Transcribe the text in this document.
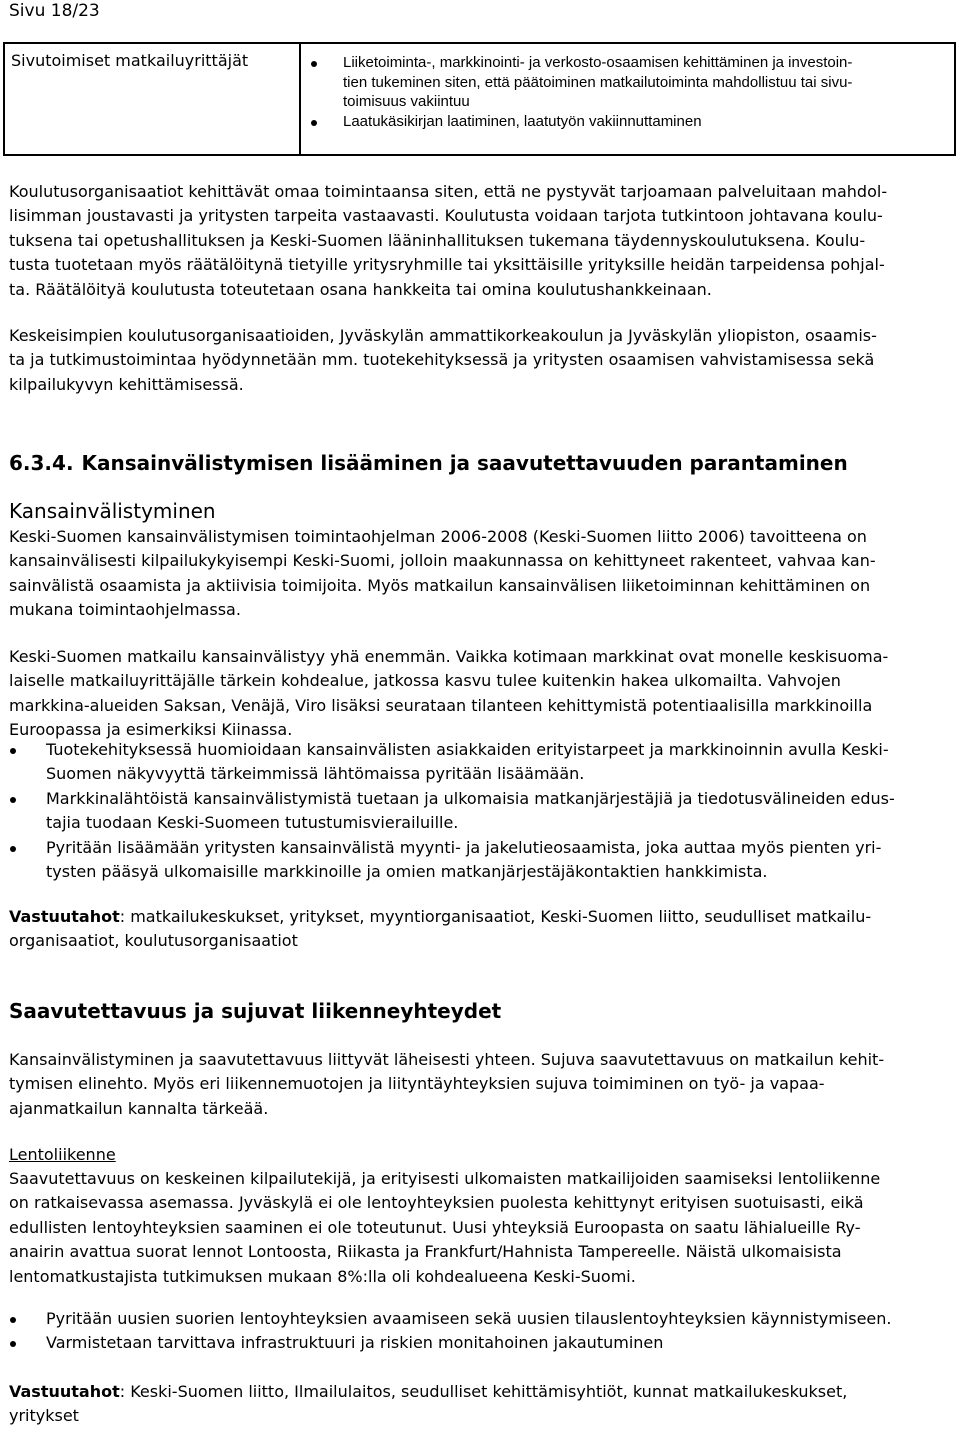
Sivu 18/23
Sivutoimiset matkailuyrittäjät	Liiketoiminta-, markkinointi- ja verkosto-osaamisen kehittäminen ja investoin-
tien tukeminen siten, että päätoiminen matkailutoiminta mahdollistuu tai sivu-
toimisuus vakiintuu
Laatukäsikirjan laatiminen, laatutyön vakiinnuttaminen
Koulutusorganisaatiot kehittävät omaa toimintaansa siten, että ne pystyvät tarjoamaan palveluitaan mahdol-
lisimman joustavasti ja yritysten tarpeita vastaavasti. Koulutusta voidaan tarjota tutkintoon johtavana koulu-
tuksena tai opetushallituksen ja Keski-Suomen lääninhallituksen tukemana täydennyskoulutuksena. Koulu-
tusta tuotetaan myös räätälöitynä tietyille yritysryhmille tai yksittäisille yrityksille heidän tarpeidensa pohjal-
ta. Räätälöityä koulutusta toteutetaan osana hankkeita tai omina koulutushankkeinaan.
Keskeisimpien koulutusorganisaatioiden, Jyväskylän ammattikorkeakoulun ja Jyväskylän yliopiston, osaamis-
ta ja tutkimustoimintaa hyödynnetään mm. tuotekehityksessä ja yritysten osaamisen vahvistamisessa sekä
kilpailukyvyn kehittämisessä.
6.3.4. Kansainvälistymisen lisääminen ja saavutettavuuden parantaminen
Kansainvälistyminen
Keski-Suomen kansainvälistymisen toimintaohjelman 2006-2008 (Keski-Suomen liitto 2006) tavoitteena on
kansainvälisesti kilpailukykyisempi Keski-Suomi, jolloin maakunnassa on kehittyneet rakenteet, vahvaa kan-
sainvälistä osaamista ja aktiivisia toimijoita. Myös matkailun kansainvälisen liiketoiminnan kehittäminen on
mukana toimintaohjelmassa.
Keski-Suomen matkailu kansainvälistyy yhä enemmän. Vaikka kotimaan markkinat ovat monelle keskisuoma-
laiselle matkailuyrittäjälle tärkein kohdealue, jatkossa kasvu tulee kuitenkin hakea ulkomailta. Vahvojen
markkina-alueiden Saksan, Venäjä, Viro lisäksi seurataan tilanteen kehittymistä potentiaalisilla markkinoilla
Euroopassa ja esimerkiksi Kiinassa.
Tuotekehityksessä huomioidaan kansainvälisten asiakkaiden erityistarpeet ja markkinoinnin avulla Keski-
Suomen näkyvyyttä tärkeimmissä lähtömaissa pyritään lisäämään.
Markkinalähtöistä kansainvälistymistä tuetaan ja ulkomaisia matkanjärjestäjiä ja tiedotusvälineiden edus-
tajia tuodaan Keski-Suomeen tutustumisvierailuille.
Pyritään lisäämään yritysten kansainvälistä myynti- ja jakelutieosaamista, joka auttaa myös pienten yri-
tysten pääsyä ulkomaisille markkinoille ja omien matkanjärjestäjäkontaktien hankkimista.
Vastuutahot: matkailukeskukset, yritykset, myyntiorganisaatiot, Keski-Suomen liitto, seudulliset matkailu-
organisaatiot, koulutusorganisaatiot
Saavutettavuus ja sujuvat liikenneyhteydet
Kansainvälistyminen ja saavutettavuus liittyvät läheisesti yhteen. Sujuva saavutettavuus on matkailun kehit-
tymisen elinehto. Myös eri liikennemuotojen ja liityntäyhteyksien sujuva toimiminen on työ- ja vapaa-
ajanmatkailun kannalta tärkeää.
Lentoliikenne
Saavutettavuus on keskeinen kilpailutekijä, ja erityisesti ulkomaisten matkailijoiden saamiseksi lentoliikenne
on ratkaisevassa asemassa. Jyväskylä ei ole lentoyhteyksien puolesta kehittynyt erityisen suotuisasti, eikä
edullisten lentoyhteyksien saaminen ei ole toteutunut. Uusi yhteyksiä Euroopasta on saatu lähialueille Ry-
anairin avattua suorat lennot Lontoosta, Riikasta ja Frankfurt/Hahnista Tampereelle. Näistä ulkomaisista
lentomatkustajista tutkimuksen mukaan 8%:lla oli kohdealueena Keski-Suomi.
Pyritään uusien suorien lentoyhteyksien avaamiseen sekä uusien tilauslentoyhteyksien käynnistymiseen.
Varmistetaan tarvittava infrastruktuuri ja riskien monitahoinen jakautuminen
Vastuutahot: Keski-Suomen liitto, Ilmailulaitos, seudulliset kehittämisyhtiöt, kunnat matkailukeskukset,
yritykset
